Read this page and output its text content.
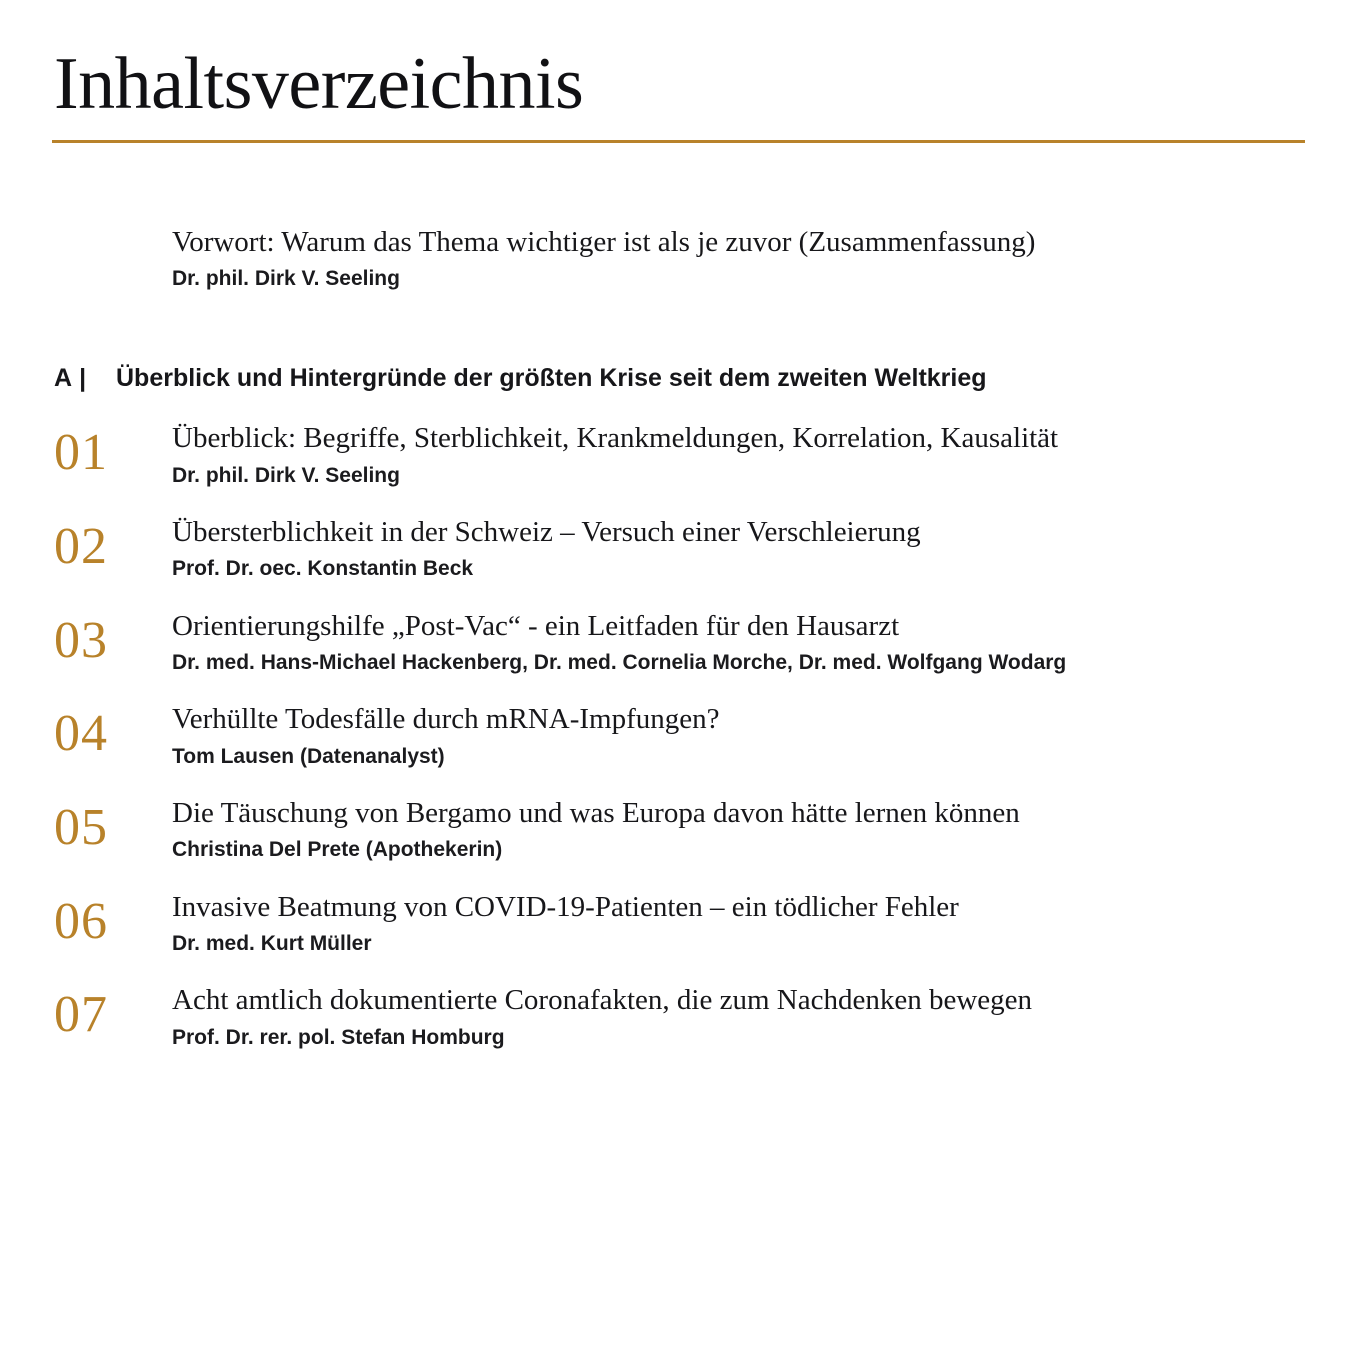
Inhaltsverzeichnis
Vorwort: Warum das Thema wichtiger ist als je zuvor (Zusammenfassung)
Dr. phil. Dirk V. Seeling
A |	Überblick und Hintergründe der größten Krise seit dem zweiten Weltkrieg
01	Überblick: Begriffe, Sterblichkeit, Krankmeldungen, Korrelation, Kausalität
Dr. phil. Dirk V. Seeling
02	Übersterblichkeit in der Schweiz – Versuch einer Verschleierung
Prof. Dr. oec. Konstantin Beck
03	Orientierungshilfe „Post-Vac“ - ein Leitfaden für den Hausarzt
Dr. med. Hans-Michael Hackenberg, Dr. med. Cornelia Morche, Dr. med. Wolfgang Wodarg
04	Verhüllte Todesfälle durch mRNA-Impfungen?
Tom Lausen (Datenanalyst)
05	Die Täuschung von Bergamo und was Europa davon hätte lernen können
Christina Del Prete (Apothekerin)
06	Invasive Beatmung von COVID-19-Patienten – ein tödlicher Fehler
Dr. med. Kurt Müller
07	Acht amtlich dokumentierte Coronafakten, die zum Nachdenken bewegen
Prof. Dr. rer. pol. Stefan Homburg
